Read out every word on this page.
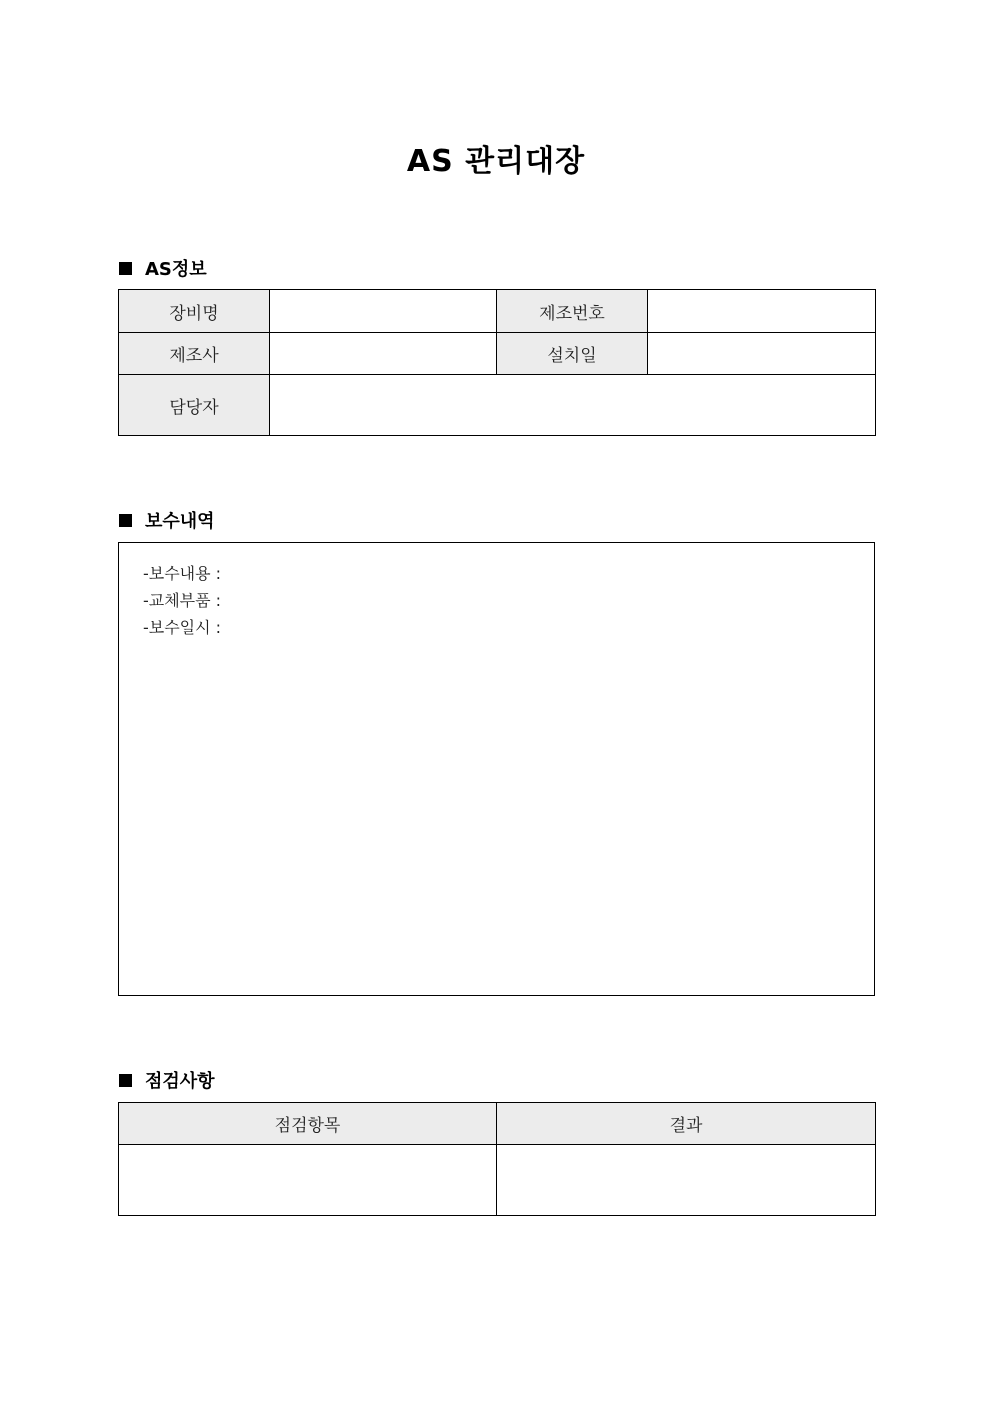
AS 관리대장
AS정보
장비명		제조번호	
제조사		설치일	
담당자			
보수내역
-보수내용 :
-교체부품 :
-보수일시 :
점검사항
점검항목	결과
